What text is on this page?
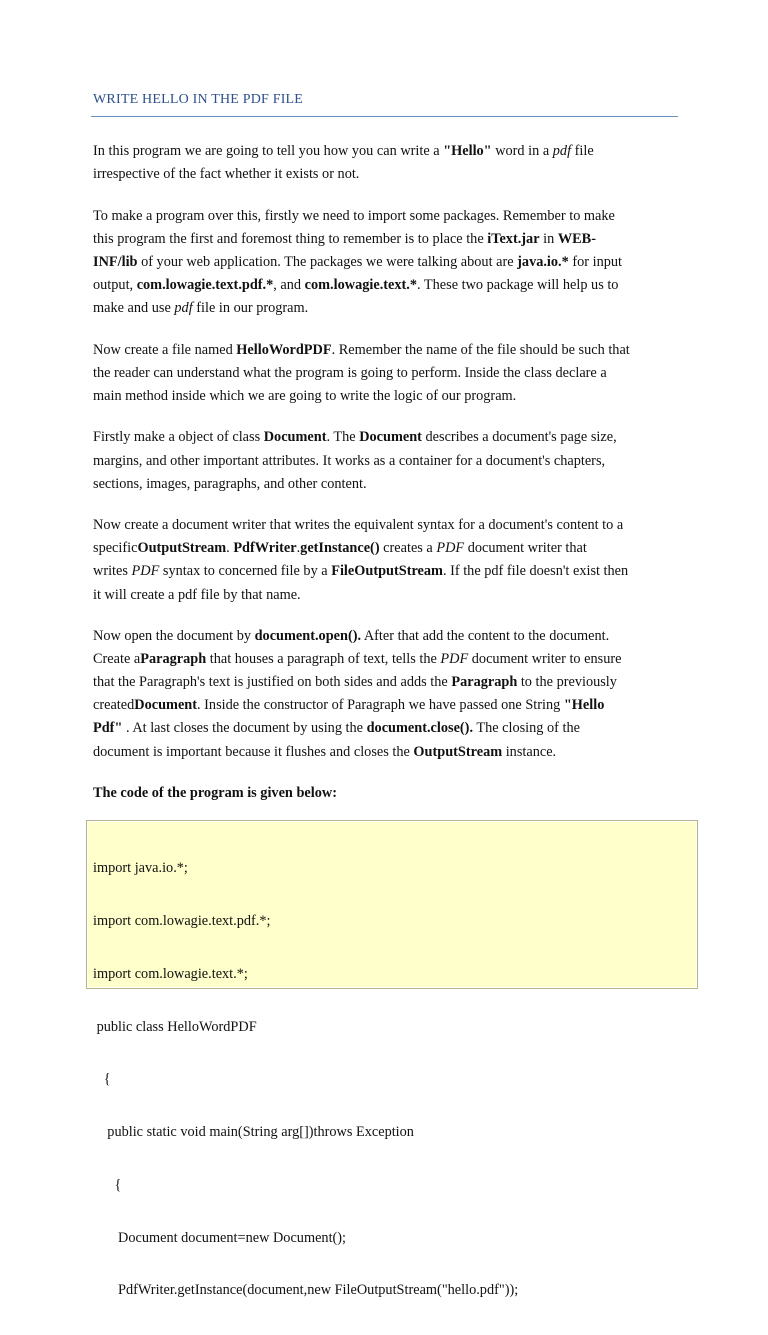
WRITE HELLO IN THE PDF FILE

In this program we are going to tell you how you can write a "Hello" word in a pdf file
irrespective of the fact whether it exists or not.

To make a program over this, firstly we need to import some packages. Remember to make
this program the first and foremost thing to remember is to place the iText.jar in WEB-
INF/lib of your web application. The packages we were talking about are java.io.* for input
output, com.lowagie.text.pdf.*, and com.lowagie.text.*. These two package will help us to
make and use pdf file in our program.

Now create a file named HelloWordPDF. Remember the name of the file should be such that
the reader can understand what the program is going to perform. Inside the class declare a
main method inside which we are going to write the logic of our program.

Firstly make a object of class Document. The Document describes a document's page size,
margins, and other important attributes. It works as a container for a document's chapters,
sections, images, paragraphs, and other content.

Now create a document writer that writes the equivalent syntax for a document's content to a
specificOutputStream. PdfWriter.getInstance() creates a PDF document writer that
writes PDF syntax to concerned file by a FileOutputStream. If the pdf file doesn't exist then
it will create a pdf file by that name.

Now open the document by document.open(). After that add the content to the document.
Create aParagraph that houses a paragraph of text, tells the PDF document writer to ensure
that the Paragraph's text is justified on both sides and adds the Paragraph to the previously
createdDocument. Inside the constructor of Paragraph we have passed one String "Hello
Pdf" . At last closes the document by using the document.close(). The closing of the
document is important because it flushes and closes the OutputStream instance.

The code of the program is given below:

import java.io.*;

import com.lowagie.text.pdf.*;

import com.lowagie.text.*;

public class HelloWordPDF

{

public static void main(String arg[])throws Exception

{

Document document=new Document();

PdfWriter.getInstance(document,new FileOutputStream("hello.pdf"));
